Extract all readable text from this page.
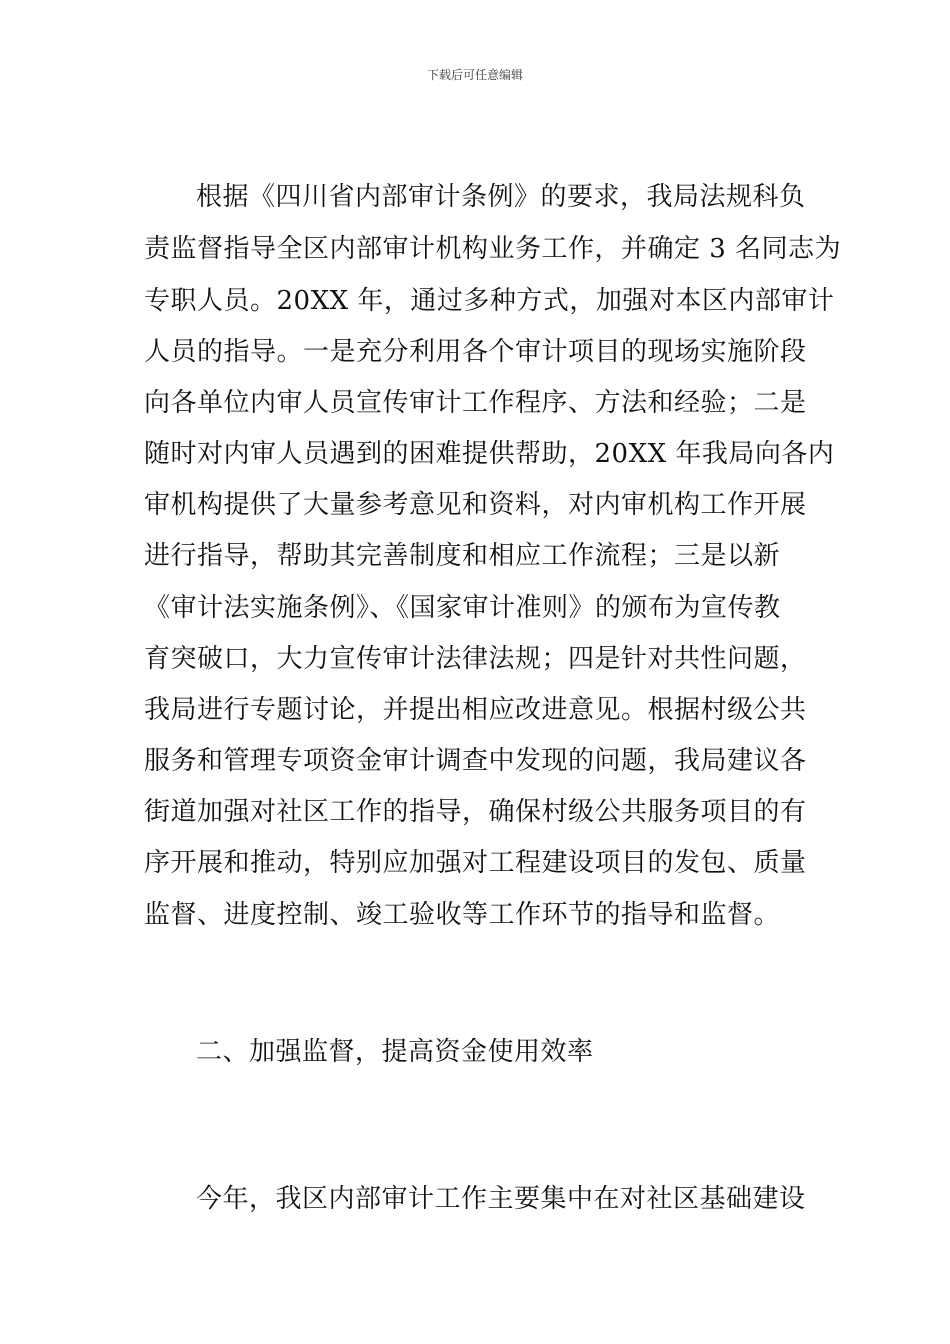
下载后可任意编辑
根据《四川省内部审计条例》的要求，我局法规科负
责监督指导全区内部审计机构业务工作，并确定 3 名同志为
专职人员。20XX 年，通过多种方式，加强对本区内部审计
人员的指导。一是充分利用各个审计项目的现场实施阶段
向各单位内审人员宣传审计工作程序、方法和经验；二是
随时对内审人员遇到的困难提供帮助，20XX 年我局向各内
审机构提供了大量参考意见和资料，对内审机构工作开展
进行指导，帮助其完善制度和相应工作流程；三是以新
《审计法实施条例》、《国家审计准则》的颁布为宣传教
育突破口，大力宣传审计法律法规；四是针对共性问题，
我局进行专题讨论，并提出相应改进意见。根据村级公共
服务和管理专项资金审计调查中发现的问题，我局建议各
街道加强对社区工作的指导，确保村级公共服务项目的有
序开展和推动，特别应加强对工程建设项目的发包、质量
监督、进度控制、竣工验收等工作环节的指导和监督。
二、加强监督，提高资金使用效率
今年，我区内部审计工作主要集中在对社区基础建设
